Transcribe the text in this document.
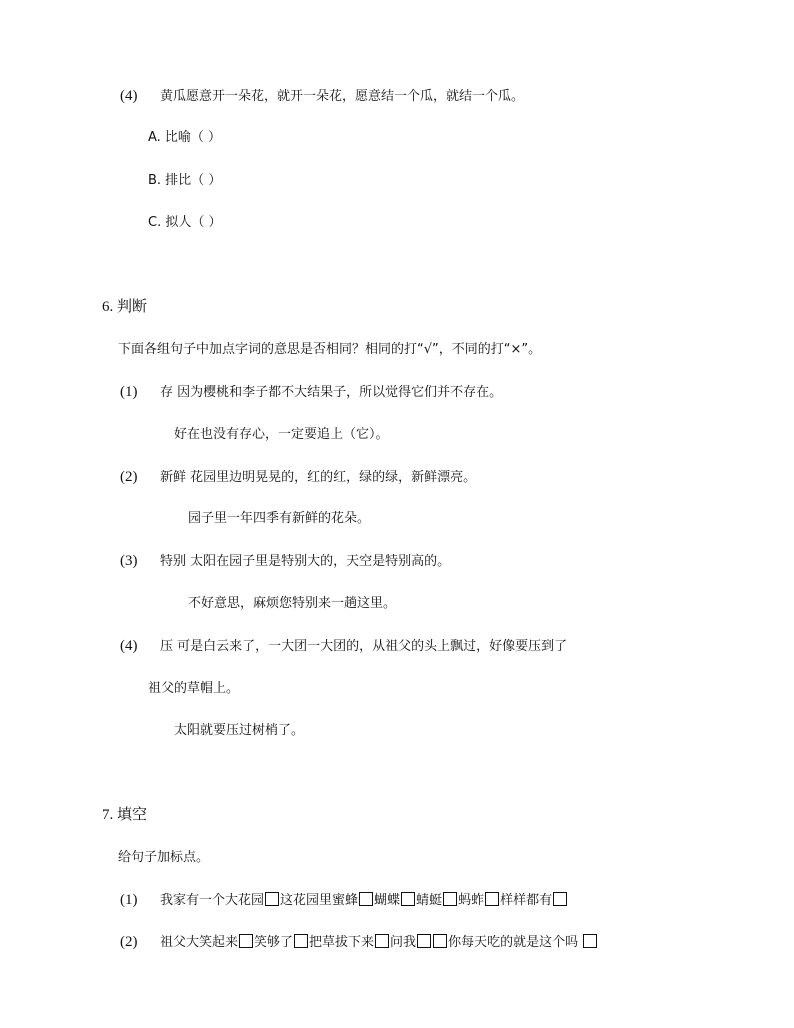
(4) 黄瓜愿意开一朵花，就开一朵花，愿意结一个瓜，就结一个瓜。
A. 比喻（ ）
B. 排比（ ）
C. 拟人（ ）
6. 判断
下面各组句子中加点字词的意思是否相同？相同的打“√”，不同的打“×”。
(1) 存 因为樱桃和李子都不大结果子，所以觉得它们并不存在。
好在也没有存心，一定要追上（它）。
(2) 新鲜 花园里边明晃晃的，红的红，绿的绿，新鲜漂亮。
园子里一年四季有新鲜的花朵。
(3) 特别 太阳在园子里是特别大的，天空是特别高的。
不好意思，麻烦您特别来一趟这里。
(4) 压 可是白云来了，一大团一大团的，从祖父的头上飘过，好像要压到了
祖父的草帽上。
太阳就要压过树梢了。
7. 填空
给句子加标点。
(1) 我家有一个大花园 这花园里蜜蜂 蝴蝶 蜻蜓 蚂蚱 样样都有
(2) 祖父大笑起来 笑够了 把草拔下来 问我 你每天吃的就是这个吗
